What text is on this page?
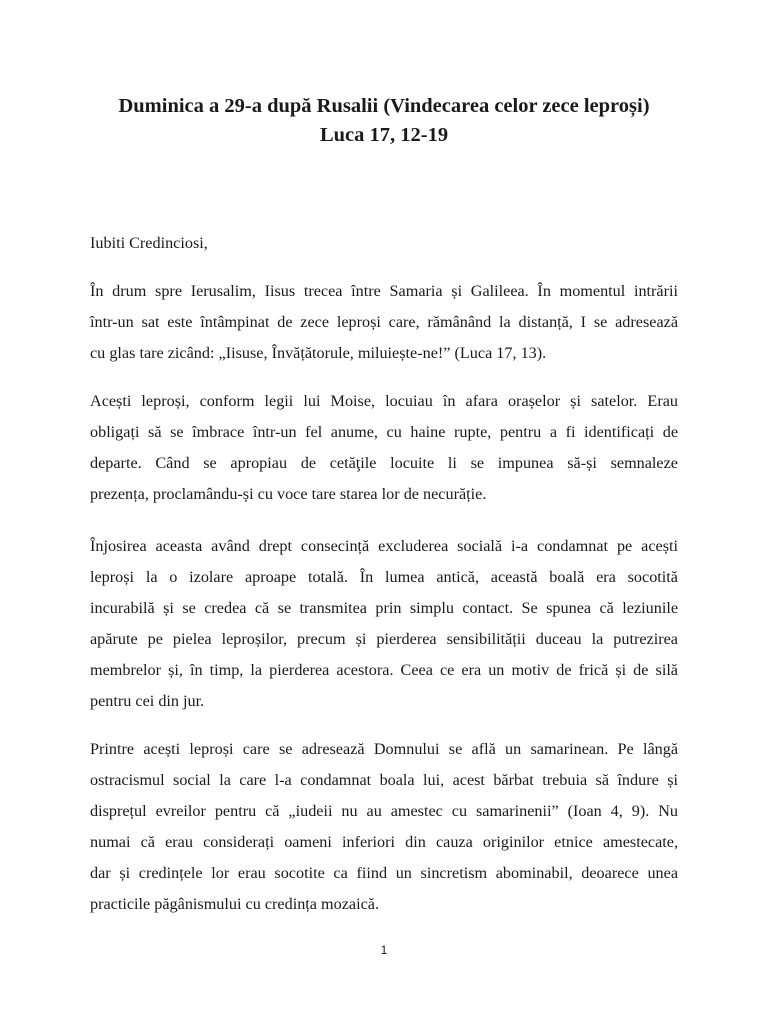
Duminica a 29-a după Rusalii (Vindecarea celor zece leproși)
Luca 17, 12-19
Iubiti Credinciosi,
În drum spre Ierusalim, Iisus trecea între Samaria și Galileea. În momentul intrării
într-un sat este întâmpinat de zece leproși care, rămânând la distanță, I se adresează
cu glas tare zicând: „Iisuse, Învățătorule, miluiește-ne!” (Luca 17, 13).
Acești leproși, conform legii lui Moise, locuiau în afara orașelor și satelor. Erau
obligați să se îmbrace într-un fel anume, cu haine rupte, pentru a fi identificați de
departe. Când se apropiau de cetăţile locuite li se impunea să-și semnaleze
prezența, proclamându-și cu voce tare starea lor de necurăție.
Înjosirea aceasta având drept consecință excluderea socială i-a condamnat pe acești
leproși la o izolare aproape totală. În lumea antică, această boală era socotită
incurabilă și se credea că se transmitea prin simplu contact. Se spunea că leziunile
apărute pe pielea leproșilor, precum și pierderea sensibilității duceau la putrezirea
membrelor și, în timp, la pierderea acestora. Ceea ce era un motiv de frică și de silă
pentru cei din jur.
Printre acești leproși care se adresează Domnului se află un samarinean. Pe lângă
ostracismul social la care l-a condamnat boala lui, acest bărbat trebuia să îndure și
disprețul evreilor pentru că „iudeii nu au amestec cu samarinenii” (Ioan 4, 9). Nu
numai că erau considerați oameni inferiori din cauza originilor etnice amestecate,
dar și credințele lor erau socotite ca fiind un sincretism abominabil, deoarece unea
practicile păgânismului cu credința mozaică.
1
